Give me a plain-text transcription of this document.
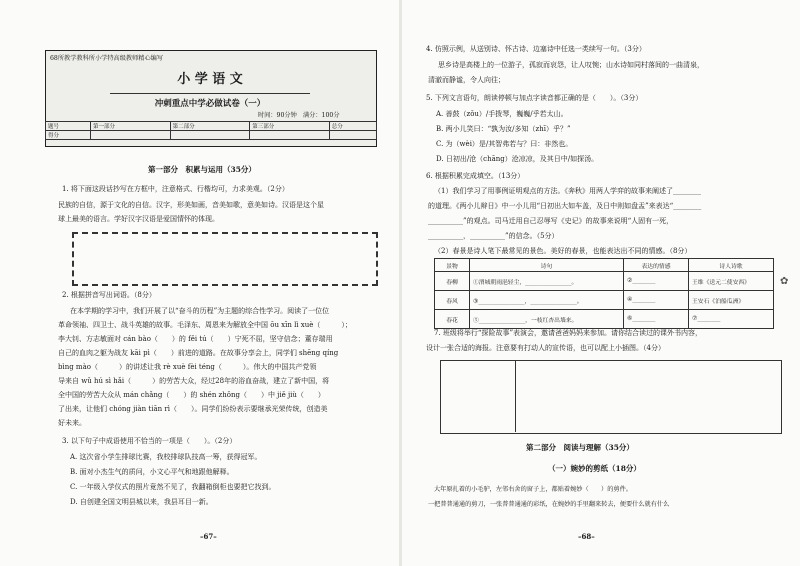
68所教学教科所小学特高级教师精心编写
小 学 语 文
冲刺重点中学必做试卷（一）
时间：90分钟　满分：100分
题号	第一部分	第二部分	第三部分	总分
得分				
第一部分　积累与运用（35分）
1. 将下面这段话抄写在方框中，注意格式、行楷均可，力求美观。（2分）
民族的自信，源于文化的自信。汉字，形美如画，音美如歌，意美如诗。汉语是这个星
球上最美的语言。学好汉字汉语是爱国情怀的体现。
2. 根据拼音写出词语。（8分）
在本学期的学习中，我们开展了以“奋斗的历程”为主题的综合性学习。阅读了一位位
革命领袖、四卫士、战斗英雄的故事。毛泽东、周恩来为解放全中国 ōu xīn lì xuè（　　　）；
李大钊、方志敏面对 cán bào（　　）的 fěi tú（　　）宁死不屈，坚守信念；董存瑞用
自己的血肉之躯为战友 kāi pì（　　）前进的道路。在故事分享会上，同学们 shēng qíng
bìng mào（　　　）的讲述让我 rè xuè fèi téng（　　　）。伟大的中国共产党领
导来自 wǔ hú sì hǎi（　　　）的劳苦大众，经过28年的浴血奋战，建立了新中国，将
全中国的劳苦大众从 mán chǎng（　　）的 shén zhǒng（　　）中 jiě jiù（　　）
了出来，让他们 chóng jiàn tiān rì（　　）。同学们纷纷表示要继承光荣传统，创造美
好未来。
3. 以下句子中成语使用不恰当的一项是（　　）。（2分）
A. 这次省小学生排球比赛，我校排球队技高一筹，获得冠军。
B. 面对小杰生气的质问，小文心平气和地跟他解释。
C. 一年级入学仪式的照片竟然不见了，我翻箱倒柜也要把它找到。
D. 自创建全国文明县城以来，我县耳目一新。
–67–
4. 仿照示例，从送别诗、怀古诗、边塞诗中任选一类续写一句。（3分）
思乡诗是高楼上的一位游子，孤寂而哀怨，让人叹惋；山水诗如同村落间的一曲清泉，
清澈而静谧，令人向往；
5. 下列文言语句，朗读停顿与加点字读音都正确的是（　　）。（3分）
A. 善鼓（zǒu）/手拨琴，巍巍/乎若太山。
B. 两小儿笑曰：“孰为汝/多知（zhī）乎？”
C. 为（wèi）是/其智弗若与？曰：非然也。
D. 日初出/沧（chāng）沧凉凉，及其日中/如探汤。
6. 根据积累完成填空。（13分）
（1）我们学习了用事例证明观点的方法。《奔秋》用两人学弈的故事来阐述了________
的道理。《两小儿辩日》中一小儿用“日初出大如车盖，及日中则如盘盂”来表达“________
__________”的观点。司马迁用自己忍辱写《史记》的故事来说明“人固有一死，
__________，__________”的信念。（5分）
（2）春景是诗人笔下最常见的景色。美好的春景，也能表达出不同的情感。（8分）
景物	诗句	表达的情感	诗人诗歌
春柳	①渭城朝雨浥轻尘，________________。	②________	王维《送元二使安西》
春风	③________________，________________。	④________	王安石《泊船瓜洲》
春花	⑤________________，一枝红杏出墙来。	⑥________	⑦________
7. 班级将举行“探险故事”表演会，邀请爸爸妈妈来参加。请你结合读过的课外书内容，
设计一张合适的海报。注意要有打动人的宣传语，也可以配上小插图。（4分）
第二部分　阅读与理解（35分）
（一）婉妙的剪纸（18分）
大年原扎着的小毛驴，左邻右舍的窗子上，都贴着婉妙（　　）的剪件。
一把普普通通的剪刀，一张普普通通的彩纸，在婉妙的手里翻来转去，便要什么就有什么
–68–
✿
